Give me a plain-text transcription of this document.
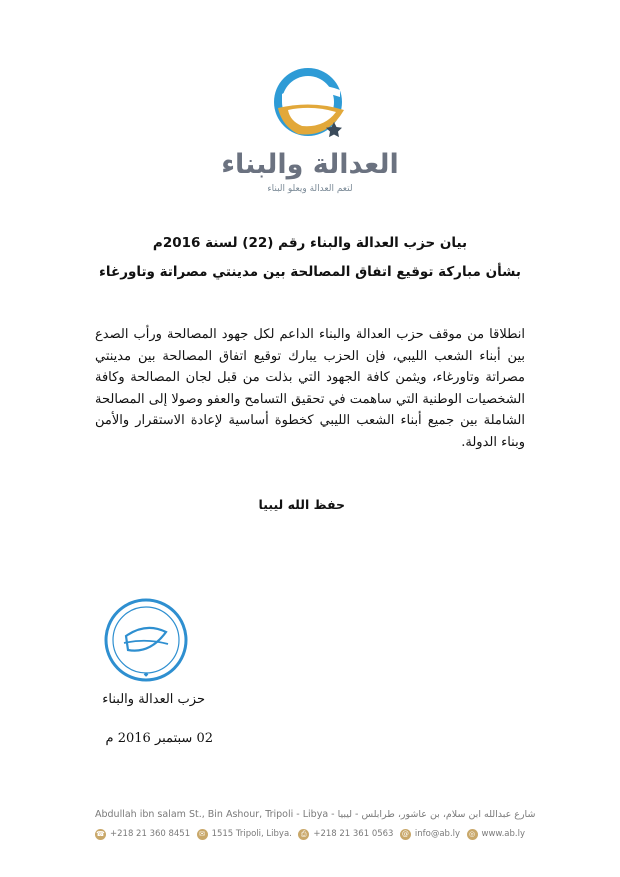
العدالة والبناء
لتعم العدالة ويعلو البناء
بيان حزب العدالة والبناء رقم (22) لسنة 2016م
بشأن مباركة توقيع اتفاق المصالحة بين مدينتي مصراتة وتاورغاء
انطلاقا من موقف حزب العدالة والبناء الداعم لكل جهود المصالحة ورأب الصدع بين أبناء الشعب الليبي، فإن الحزب يبارك توقيع اتفاق المصالحة بين مدينتي مصراتة وتاورغاء، ويثمن كافة الجهود التي بذلت من قبل لجان المصالحة وكافة الشخصيات الوطنية التي ساهمت في تحقيق التسامح والعفو وصولا إلى المصالحة الشاملة بين جميع أبناء الشعب الليبي كخطوة أساسية لإعادة الاستقرار والأمن وبناء الدولة.
حفظ الله ليبيا
◆
حزب العدالة والبناء
02 سبتمبر 2016 م
Abdullah ibn salam St., Bin Ashour, Tripoli - Libya - شارع عبدالله ابن سلام، بن عاشور، طرابلس - ليبيا
☎ +218 21 360 8451	✉ 1515 Tripoli, Libya.	⎙ +218 21 361 0563 @ info@ab.ly	◎ www.ab.ly
